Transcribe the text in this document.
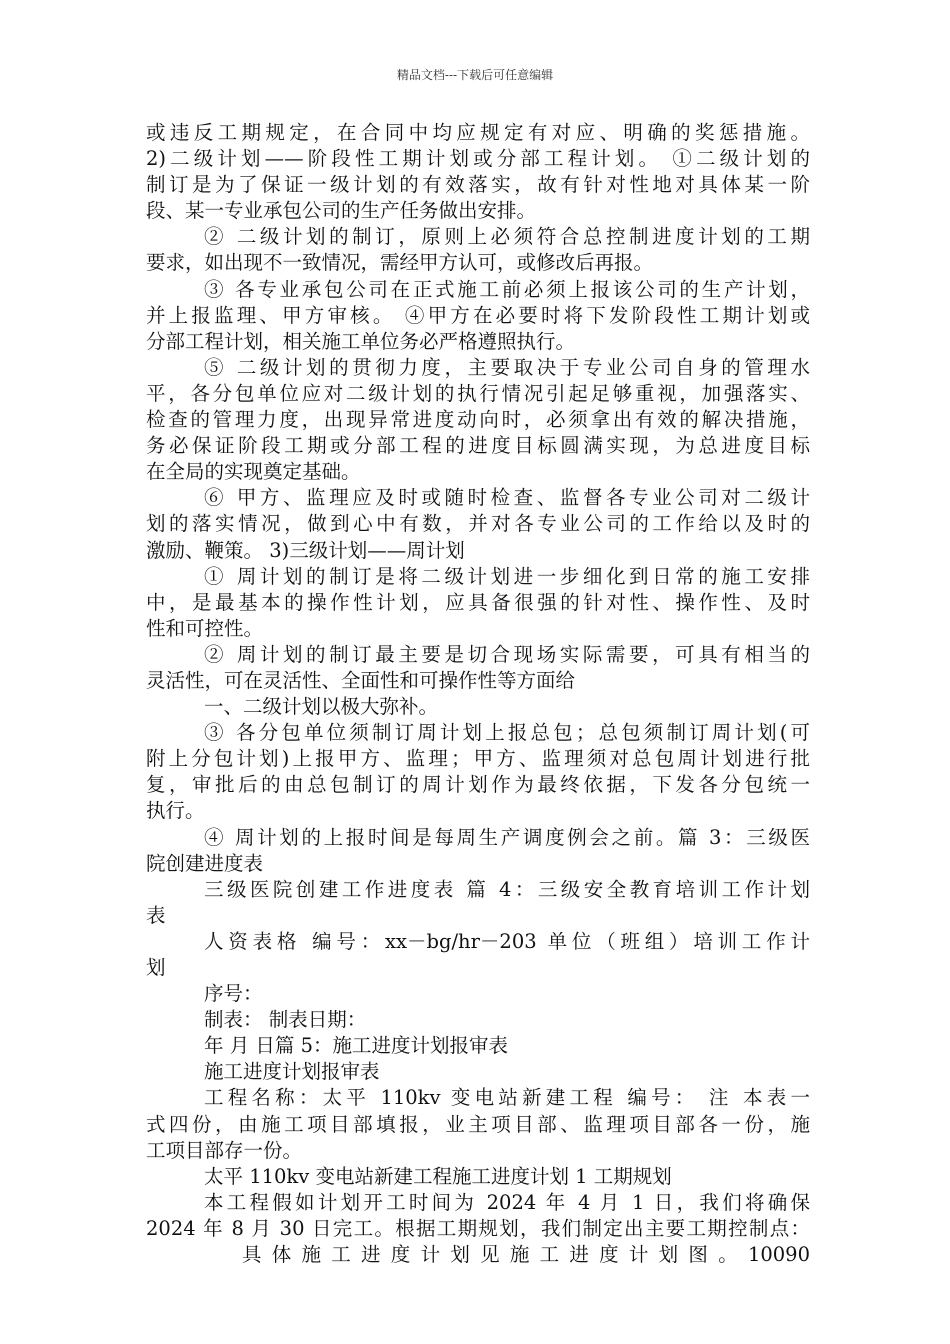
精品文档---下载后可任意编辑
或违反工期规定，在合同中均应规定有对应、明确的奖惩措施。
2)二级计划——阶段性工期计划或分部工程计划。 ①二级计划的
制订是为了保证一级计划的有效落实，故有针对性地对具体某一阶
段、某一专业承包公司的生产任务做出安排。
② 二级计划的制订，原则上必须符合总控制进度计划的工期
要求，如出现不一致情况，需经甲方认可，或修改后再报。
③ 各专业承包公司在正式施工前必须上报该公司的生产计划，
并上报监理、甲方审核。 ④甲方在必要时将下发阶段性工期计划或
分部工程计划，相关施工单位务必严格遵照执行。
⑤ 二级计划的贯彻力度，主要取决于专业公司自身的管理水
平，各分包单位应对二级计划的执行情况引起足够重视，加强落实、
检查的管理力度，出现异常进度动向时，必须拿出有效的解决措施，
务必保证阶段工期或分部工程的进度目标圆满实现，为总进度目标
在全局的实现奠定基础。
⑥ 甲方、监理应及时或随时检查、监督各专业公司对二级计
划的落实情况，做到心中有数，并对各专业公司的工作给以及时的
激励、鞭策。 3)三级计划——周计划
① 周计划的制订是将二级计划进一步细化到日常的施工安排
中，是最基本的操作性计划，应具备很强的针对性、操作性、及时
性和可控性。
② 周计划的制订最主要是切合现场实际需要，可具有相当的
灵活性，可在灵活性、全面性和可操作性等方面给
一、二级计划以极大弥补。
③ 各分包单位须制订周计划上报总包；总包须制订周计划(可
附上分包计划)上报甲方、监理；甲方、监理须对总包周计划进行批
复，审批后的由总包制订的周计划作为最终依据，下发各分包统一
执行。
④ 周计划的上报时间是每周生产调度例会之前。篇 3：三级医
院创建进度表
三级医院创建工作进度表 篇 4：三级安全教育培训工作计划
表
人资表格 编号：xx－bg/hr－203 单位（班组）培训工作计
划
序号：
制表： 制表日期：
年 月 日篇 5：施工进度计划报审表
施工进度计划报审表
工程名称：太平 110kv 变电站新建工程 编号： 注 本表一
式四份，由施工项目部填报，业主项目部、监理项目部各一份，施
工项目部存一份。
太平 110kv 变电站新建工程施工进度计划 1 工期规划
本工程假如计划开工时间为 2024 年 4 月 1 日，我们将确保
2024 年 8 月 30 日完工。根据工期规划，我们制定出主要工期控制点：
具 体 施 工 进 度 计 划 见 施 工 进 度 计 划 图 。 10090
